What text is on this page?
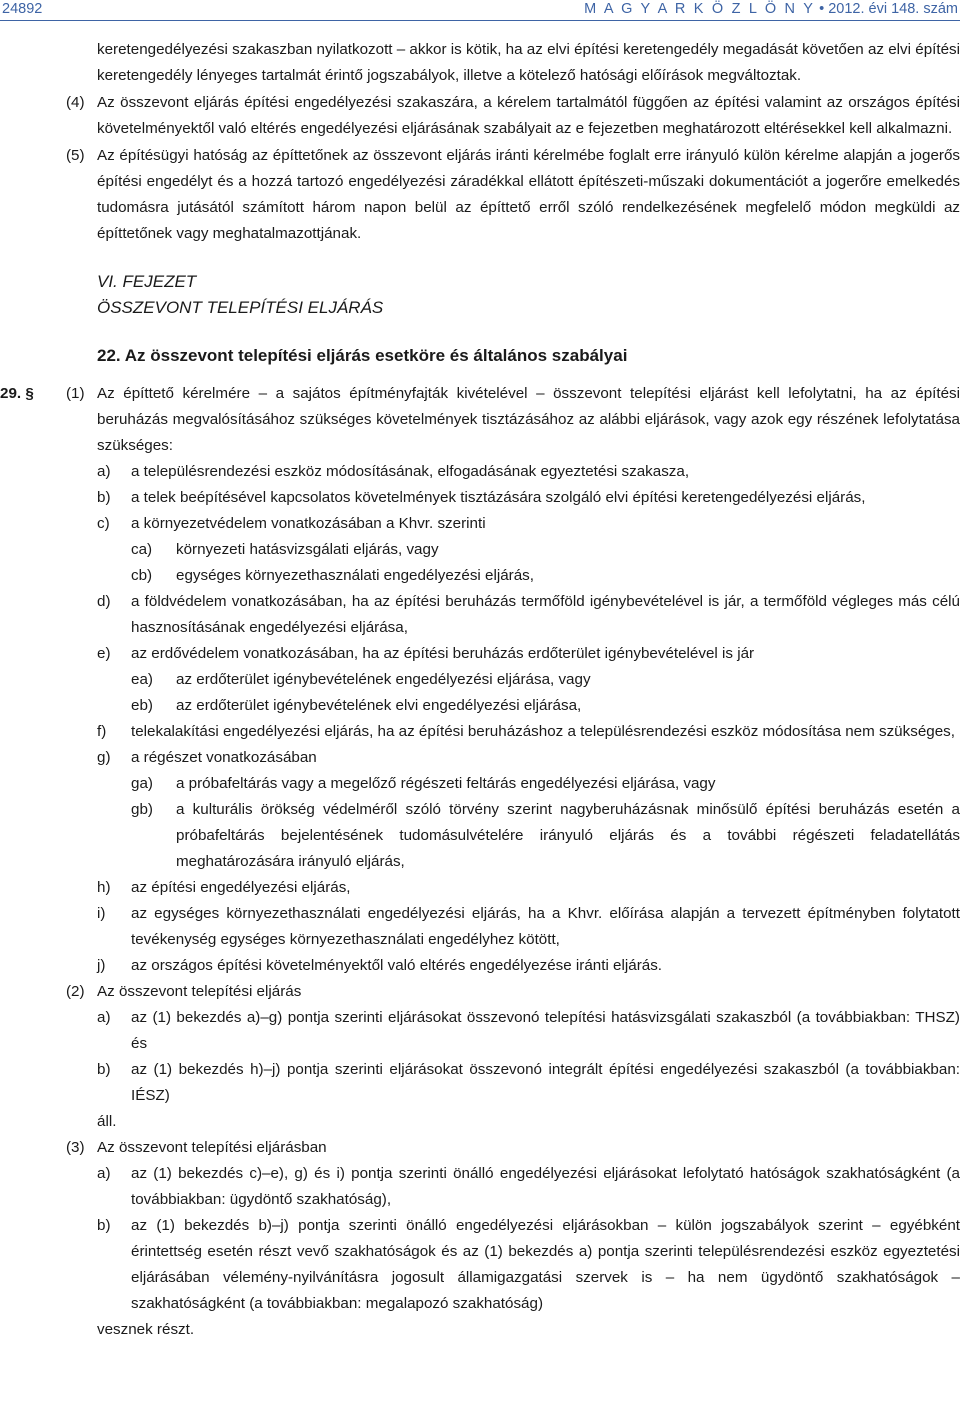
24892	M A G Y A R K Ö Z L Ö N Y • 2012. évi 148. szám
keretengedélyezési szakaszban nyilatkozott – akkor is kötik, ha az elvi építési keretengedély megadását követően az elvi építési keretengedély lényeges tartalmát érintő jogszabályok, illetve a kötelező hatósági előírások megváltoztak.
(4) Az összevont eljárás építési engedélyezési szakaszára, a kérelem tartalmától függően az építési valamint az országos építési követelményektől való eltérés engedélyezési eljárásának szabályait az e fejezetben meghatározott eltérésekkel kell alkalmazni.
(5) Az építésügyi hatóság az építtetőnek az összevont eljárás iránti kérelmébe foglalt erre irányuló külön kérelme alapján a jogerős építési engedélyt és a hozzá tartozó engedélyezési záradékkal ellátott építészeti-műszaki dokumentációt a jogerőre emelkedés tudomásra jutásától számított három napon belül az építtető erről szóló rendelkezésének megfelelő módon megküldi az építtetőnek vagy meghatalmazottjának.
VI. FEJEZET
ÖSSZEVONT TELEPÍTÉSI ELJÁRÁS
22. Az összevont telepítési eljárás esetköre és általános szabályai
29. §	(1) Az építtető kérelmére – a sajátos építményfajták kivételével – összevont telepítési eljárást kell lefolytatni, ha az építési beruházás megvalósításához szükséges követelmények tisztázásához az alábbi eljárások, vagy azok egy részének lefolytatása szükséges:
a)	a településrendezési eszköz módosításának, elfogadásának egyeztetési szakasza,
b)	a telek beépítésével kapcsolatos követelmények tisztázására szolgáló elvi építési keretengedélyezési eljárás,
c)	a környezetvédelem vonatkozásában a Khvr. szerinti
ca)	környezeti hatásvizsgálati eljárás, vagy
cb)	egységes környezethasználati engedélyezési eljárás,
d)	a földvédelem vonatkozásában, ha az építési beruházás termőföld igénybevételével is jár, a termőföld végleges más célú hasznosításának engedélyezési eljárása,
e)	az erdővédelem vonatkozásában, ha az építési beruházás erdőterület igénybevételével is jár
ea)	az erdőterület igénybevételének engedélyezési eljárása, vagy
eb)	az erdőterület igénybevételének elvi engedélyezési eljárása,
f)	telekalakítási engedélyezési eljárás, ha az építési beruházáshoz a településrendezési eszköz módosítása nem szükséges,
g)	a régészet vonatkozásában
ga)	a próbafeltárás vagy a megelőző régészeti feltárás engedélyezési eljárása, vagy
gb)	a kulturális örökség védelméről szóló törvény szerint nagyberuházásnak minősülő építési beruházás esetén a próbafeltárás bejelentésének tudomásulvételére irányuló eljárás és a további régészeti feladatellátás meghatározására irányuló eljárás,
h)	az építési engedélyezési eljárás,
i)	az egységes környezethasználati engedélyezési eljárás, ha a Khvr. előírása alapján a tervezett építményben folytatott tevékenység egységes környezethasználati engedélyhez kötött,
j)	az országos építési követelményektől való eltérés engedélyezése iránti eljárás.
(2) Az összevont telepítési eljárás
a)	az (1) bekezdés a)–g) pontja szerinti eljárásokat összevonó telepítési hatásvizsgálati szakaszból (a továbbiakban: THSZ) és
b)	az (1) bekezdés h)–j) pontja szerinti eljárásokat összevonó integrált építési engedélyezési szakaszból (a továbbiakban: IÉSZ)
áll.
(3) Az összevont telepítési eljárásban
a)	az (1) bekezdés c)–e), g) és i) pontja szerinti önálló engedélyezési eljárásokat lefolytató hatóságok szakhatóságként (a továbbiakban: ügydöntő szakhatóság),
b)	az (1) bekezdés b)–j) pontja szerinti önálló engedélyezési eljárásokban – külön jogszabályok szerint – egyébként érintettség esetén részt vevő szakhatóságok és az (1) bekezdés a) pontja szerinti településrendezési eszköz egyeztetési eljárásában vélemény-nyilvánításra jogosult államigazgatási szervek is – ha nem ügydöntő szakhatóságok – szakhatóságként (a továbbiakban: megalapozó szakhatóság)
vesznek részt.
